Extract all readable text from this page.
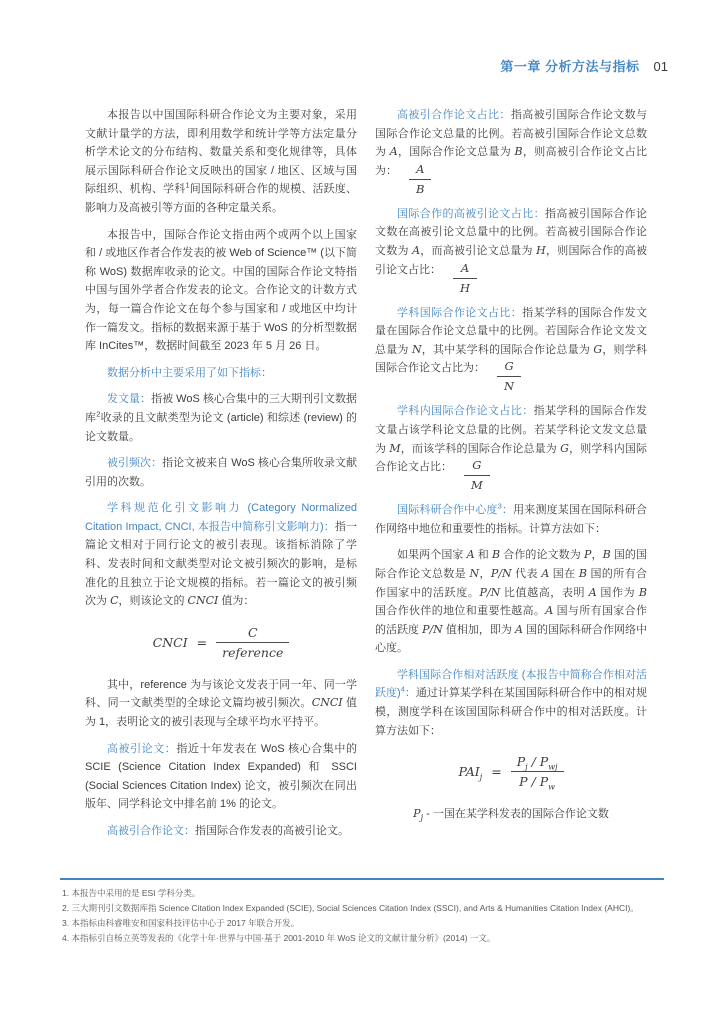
第一章 分析方法与指标 01

本报告以中国国际科研合作论文为主要对象，采用文献计量学的方法，即利用数学和统计学等方法定量分析学术论文的分布结构、数量关系和变化规律等，具体展示国际科研合作论文反映出的国家 / 地区、区域与国际组织、机构、学科$^1$间国际科研合作的规模、活跃度、影响力及高被引等方面的各种定量关系。

本报告中，国际合作论文指由两个或两个以上国家和 / 或地区作者合作发表的被 Web of Science™ (以下简称 WoS) 数据库收录的论文。中国的国际合作论文特指中国与国外学者合作发表的论文。合作论文的计数方式为，每一篇合作论文在每个参与国家和 / 或地区中均计作一篇发文。指标的数据来源于基于 WoS 的分析型数据库 InCites™，数据时间截至 2023 年 5 月 26 日。

数据分析中主要采用了如下指标：

发文量：指被 WoS 核心合集中的三大期刊引文数据库$^2$收录的且文献类型为论文 (article) 和综述 (review) 的论文数量。

被引频次：指论文被来自 WoS 核心合集所收录文献引用的次数。

学科规范化引文影响力 (Category Normalized Citation Impact, CNCI, 本报告中简称引文影响力)：指一篇论文相对于同行论文的被引表现。该指标消除了学科、发表时间和文献类型对论文被引频次的影响，是标准化的且独立于论文规模的指标。若一篇论文的被引频次为 C，则该论文的 CNCI 值为：

CNCI = $\frac{C}{\text{reference}}$

其中，reference 为与该论文发表于同一年、同一学科、同一文献类型的全球论文篇均被引频次。CNCI 值为 1，表明论文的被引表现与全球平均水平持平。

高被引论文：指近十年发表在 WoS 核心合集中的 SCIE (Science Citation Index Expanded) 和 SSCI (Social Sciences Citation Index) 论文，被引频次在同出版年、同学科论文中排名前 1% 的论文。

高被引合作论文：指国际合作发表的高被引论文。

高被引合作论文占比：指高被引国际合作论文数与国际合作论文总量的比例。若高被引国际合作论文总数为 A，国际合作论文总量为 B，则高被引合作论文占比为： $\frac{A}{B}$

国际合作的高被引论文占比：指高被引国际合作论文数在高被引论文总量中的比例。若高被引国际合作论文数为 A，而高被引论文总量为 H，则国际合作的高被引论文占比： $\frac{A}{H}$

学科国际合作论文占比：指某学科的国际合作发文量在国际合作论文总量中的比例。若国际合作论文发文总量为 N，其中某学科的国际合作论总量为 G，则学科国际合作论文占比为： $\frac{G}{N}$

学科内国际合作论文占比：指某学科的国际合作发文量占该学科论文总量的比例。若某学科论文发文总量为 M，而该学科的国际合作论总量为 G，则学科内国际合作论文占比： $\frac{G}{M}$

国际科研合作中心度$^3$：用来测度某国在国际科研合作网络中地位和重要性的指标。计算方法如下：

如果两个国家 A 和 B 合作的论文数为 P，B 国的国际合作论文总数是 N，P/N 代表 A 国在 B 国的所有合作国家中的活跃度。P/N 比值越高，表明 A 国作为 B 国合作伙伴的地位和重要性越高。A 国与所有国家合作的活跃度 P/N 值相加，即为 A 国的国际科研合作网络中心度。

学科国际合作相对活跃度 (本报告中简称合作相对活跃度)$^4$：通过计算某学科在某国国际科研合作中的相对规模，测度学科在该国国际科研合作中的相对活跃度。计算方法如下：

$PAI_j = \frac{P_j / P_{wj}}{P / P_w}$

$P_j$ - 一国在某学科发表的国际合作论文数

1. 本报告中采用的是 ESI 学科分类。

2. 三大期刊引文数据库指 Science Citation Index Expanded (SCIE), Social Sciences Citation Index (SSCI), and Arts & Humanities Citation Index (AHCI)。

3. 本指标由科睿唯安和国家科技评估中心于 2017 年联合开发。

4. 本指标引自杨立英等发表的《化学十年·世界与中国·基于 2001-2010 年 WoS 论文的文献计量分析》(2014) 一文。
